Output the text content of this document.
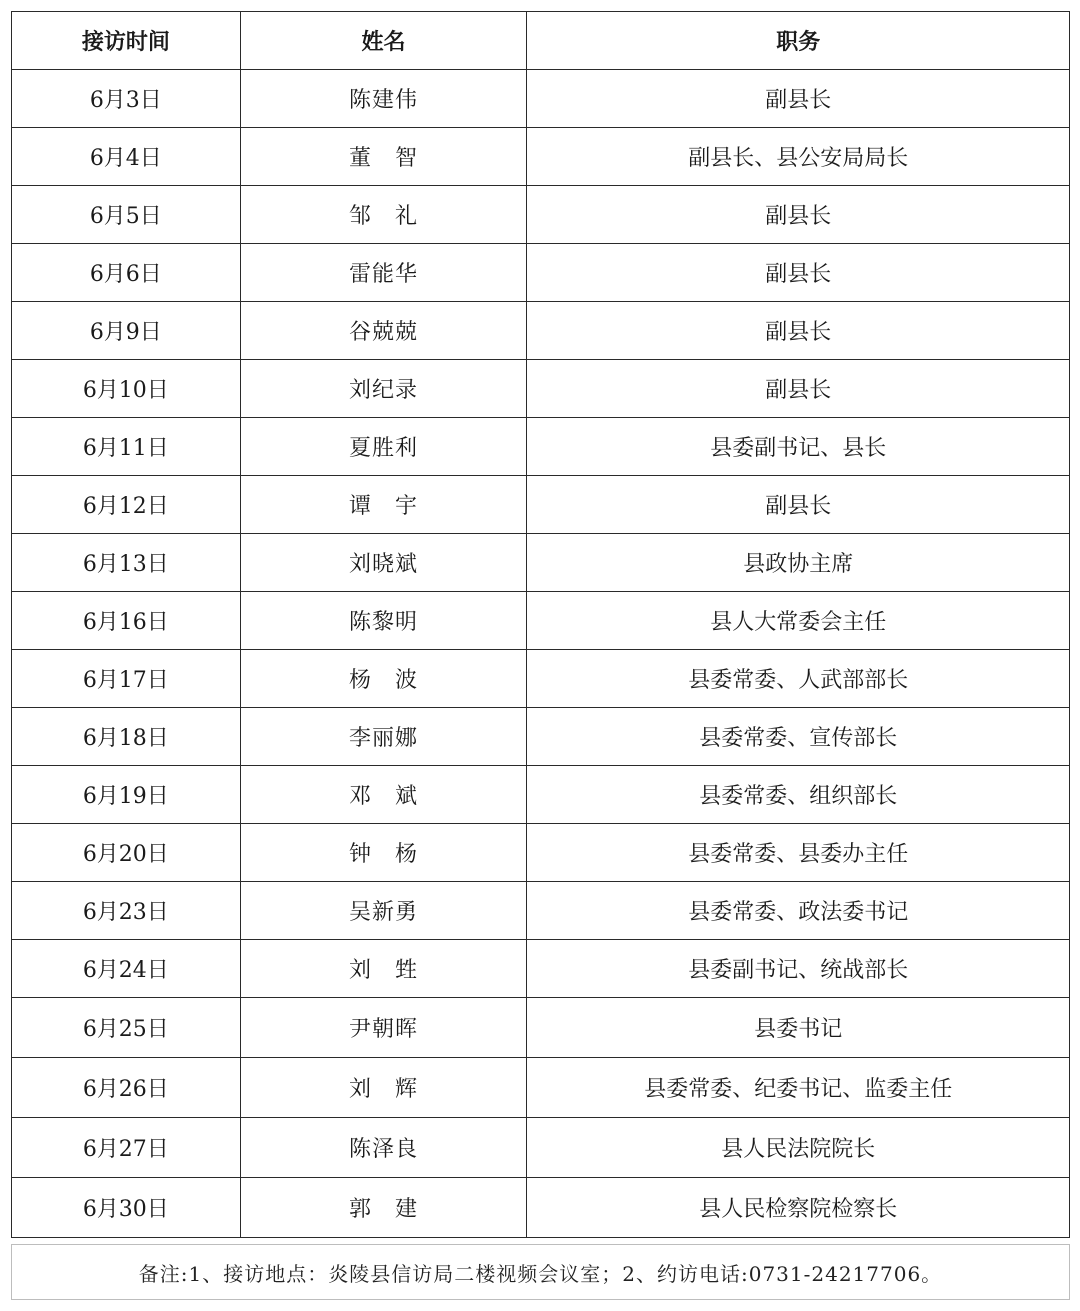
接访时间	姓名	职务
6月3日	陈建伟	副县长
6月4日	董　智	副县长、县公安局局长
6月5日	邹　礼	副县长
6月6日	雷能华	副县长
6月9日	谷兢兢	副县长
6月10日	刘纪录	副县长
6月11日	夏胜利	县委副书记、县长
6月12日	谭　宇	副县长
6月13日	刘晓斌	县政协主席
6月16日	陈黎明	县人大常委会主任
6月17日	杨　波	县委常委、人武部部长
6月18日	李丽娜	县委常委、宣传部长
6月19日	邓　斌	县委常委、组织部长
6月20日	钟　杨	县委常委、县委办主任
6月23日	吴新勇	县委常委、政法委书记
6月24日	刘　甡	县委副书记、统战部长
6月25日	尹朝晖	县委书记
6月26日	刘　辉	县委常委、纪委书记、监委主任
6月27日	陈泽良	县人民法院院长
6月30日	郭　建	县人民检察院检察长
备注:1、接访地点：炎陵县信访局二楼视频会议室；2、约访电话:0731-24217706。
